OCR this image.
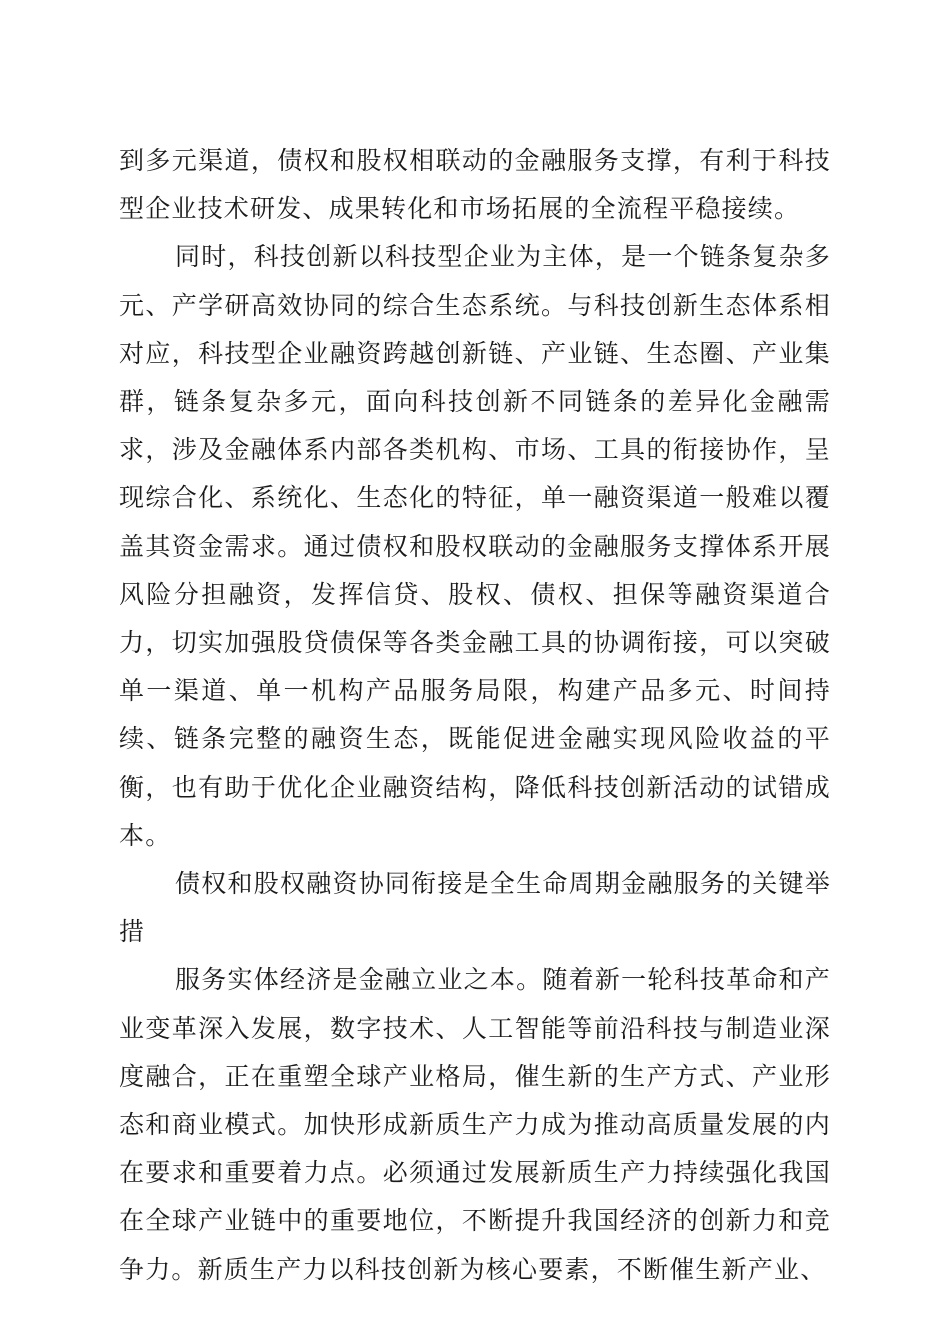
到多元渠道，债权和股权相联动的金融服务支撑，有利于科技型企业技术研发、成果转化和市场拓展的全流程平稳接续。

同时，科技创新以科技型企业为主体，是一个链条复杂多元、产学研高效协同的综合生态系统。与科技创新生态体系相对应，科技型企业融资跨越创新链、产业链、生态圈、产业集群，链条复杂多元，面向科技创新不同链条的差异化金融需求，涉及金融体系内部各类机构、市场、工具的衔接协作，呈现综合化、系统化、生态化的特征，单一融资渠道一般难以覆盖其资金需求。通过债权和股权联动的金融服务支撑体系开展风险分担融资，发挥信贷、股权、债权、担保等融资渠道合力，切实加强股贷债保等各类金融工具的协调衔接，可以突破单一渠道、单一机构产品服务局限，构建产品多元、时间持续、链条完整的融资生态，既能促进金融实现风险收益的平衡，也有助于优化企业融资结构，降低科技创新活动的试错成本。

债权和股权融资协同衔接是全生命周期金融服务的关键举措

服务实体经济是金融立业之本。随着新一轮科技革命和产业变革深入发展，数字技术、人工智能等前沿科技与制造业深度融合，正在重塑全球产业格局，催生新的生产方式、产业形态和商业模式。加快形成新质生产力成为推动高质量发展的内在要求和重要着力点。必须通过发展新质生产力持续强化我国在全球产业链中的重要地位，不断提升我国经济的创新力和竞争力。新质生产力以科技创新为核心要素，不断催生新产业、
